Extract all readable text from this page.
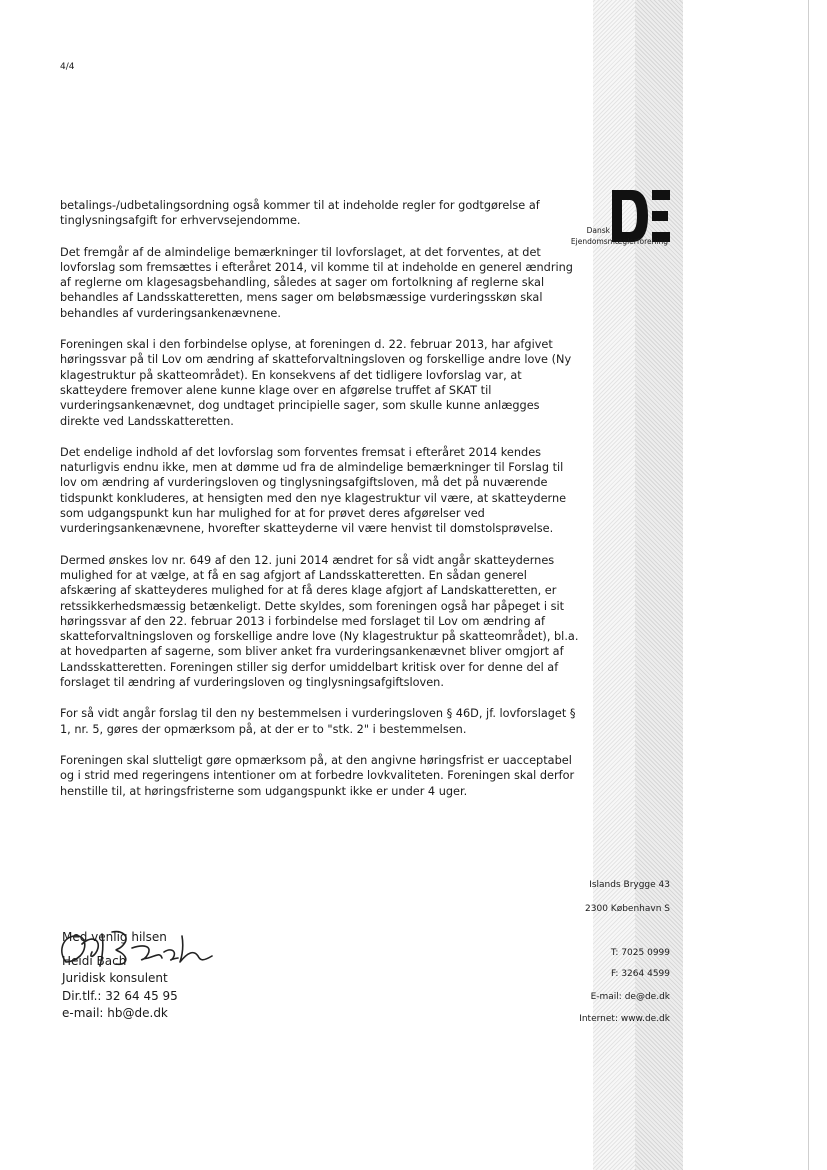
4/4
Dansk
Ejendomsmæglerforening

betalings-/udbetalingsordning også kommer til at indeholde regler for godtgørelse af tinglysningsafgift for erhvervsejendomme.

Det fremgår af de almindelige bemærkninger til lovforslaget, at det forventes, at det lovforslag som fremsættes i efteråret 2014, vil komme til at indeholde en generel ændring af reglerne om klagesagsbehandling, således at sager om fortolkning af reglerne skal behandles af Landsskatteretten, mens sager om beløbsmæssige vurderingsskøn skal behandles af vurderingsankenævnene.

Foreningen skal i den forbindelse oplyse, at foreningen d. 22. februar 2013, har afgivet høringssvar på til Lov om ændring af skatteforvaltningsloven og forskellige andre love (Ny klagestruktur på skatteområdet). En konsekvens af det tidligere lovforslag var, at skatteydere fremover alene kunne klage over en afgørelse truffet af SKAT til vurderingsankenævnet, dog undtaget principielle sager, som skulle kunne anlægges direkte ved Landsskatteretten.

Det endelige indhold af det lovforslag som forventes fremsat i efteråret 2014 kendes naturligvis endnu ikke, men at dømme ud fra de almindelige bemærkninger til Forslag til lov om ændring af vurderingsloven og tinglysningsafgiftsloven, må det på nuværende tidspunkt konkluderes, at hensigten med den nye klagestruktur vil være, at skatteyderne som udgangspunkt kun har mulighed for at for prøvet deres afgørelser ved vurderingsankenævnene, hvorefter skatteyderne vil være henvist til domstolsprøvelse.

Dermed ønskes lov nr. 649 af den 12. juni 2014 ændret for så vidt angår skatteydernes mulighed for at vælge, at få en sag afgjort af Landsskatteretten. En sådan generel afskæring af skatteyderes mulighed for at få deres klage afgjort af Landskatteretten, er retssikkerhedsmæssig betænkeligt. Dette skyldes, som foreningen også har påpeget i sit høringssvar af den 22. februar 2013 i forbindelse med forslaget til Lov om ændring af skatteforvaltningsloven og forskellige andre love (Ny klagestruktur på skatteområdet), bl.a. at hovedparten af sagerne, som bliver anket fra vurderingsankenævnet bliver omgjort af Landsskatteretten. Foreningen stiller sig derfor umiddelbart kritisk over for denne del af forslaget til ændring af vurderingsloven og tinglysningsafgiftsloven.

For så vidt angår forslag til den ny bestemmelsen i vurderingsloven § 46D, jf. lovforslaget § 1, nr. 5, gøres der opmærksom på, at der er to "stk. 2" i bestemmelsen.

Foreningen skal slutteligt gøre opmærksom på, at den angivne høringsfrist er uacceptabel og i strid med regeringens intentioner om at forbedre lovkvaliteten. Foreningen skal derfor henstille til, at høringsfristerne som udgangspunkt ikke er under 4 uger.

Islands Brygge 43
2300 København S
T: 7025 0999
F: 3264 4599
E-mail: de@de.dk
Internet: www.de.dk
Med venlig hilsen
Heidi Bach
Juridisk konsulent
Dir.tlf.: 32 64 45 95
e-mail: hb@de.dk
